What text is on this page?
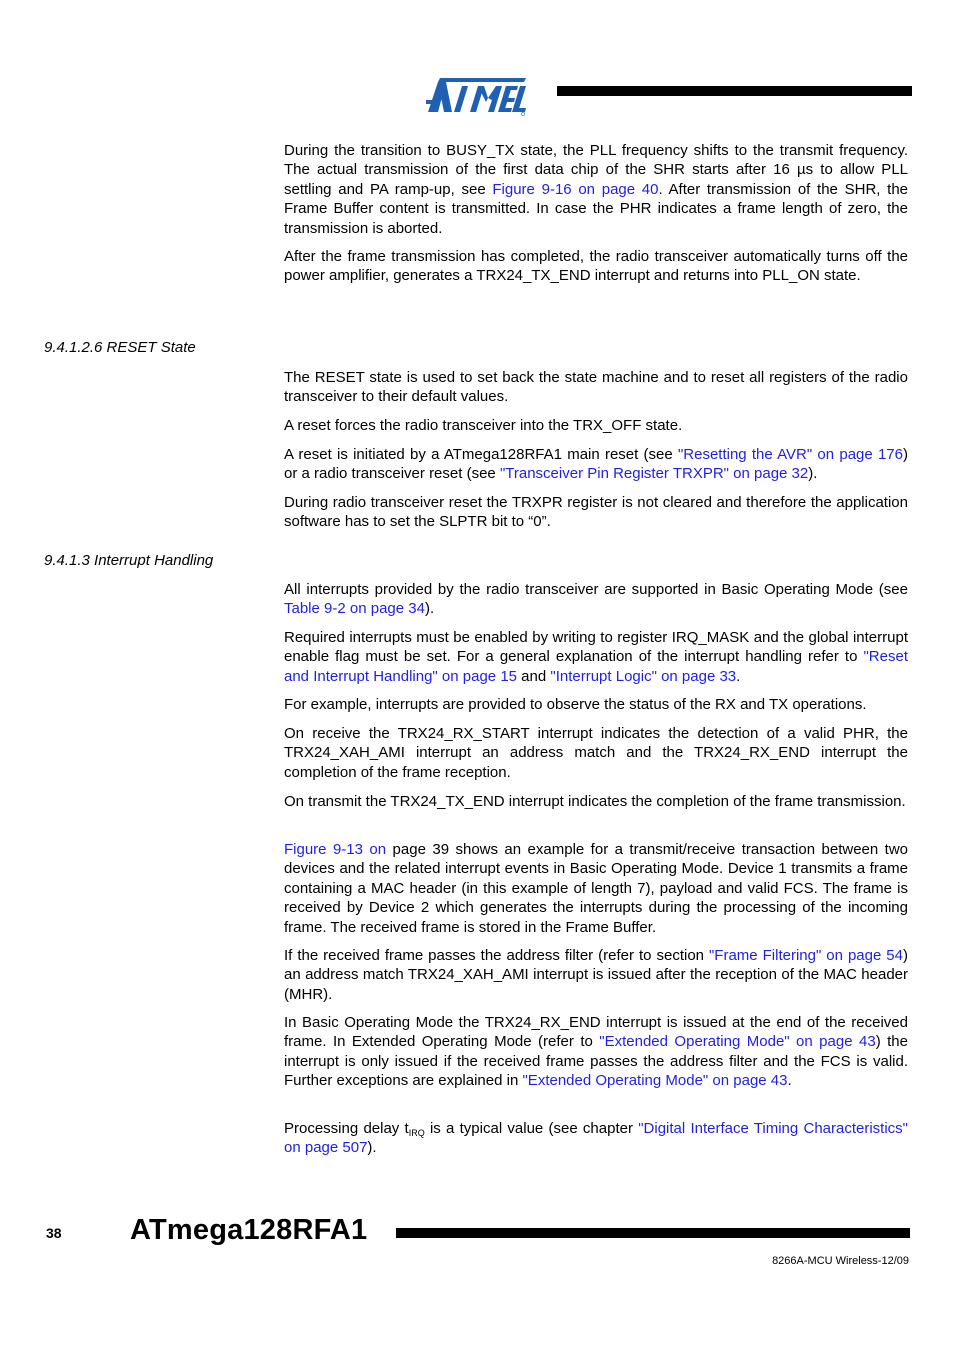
During the transition to BUSY_TX state, the PLL frequency shifts to the transmit frequency. The actual transmission of the first data chip of the SHR starts after 16 µs to allow PLL settling and PA ramp-up, see Figure 9-16 on page 40. After transmission of the SHR, the Frame Buffer content is transmitted. In case the PHR indicates a frame length of zero, the transmission is aborted.

After the frame transmission has completed, the radio transceiver automatically turns off the power amplifier, generates a TRX24_TX_END interrupt and returns into PLL_ON state.

9.4.1.2.6 RESET State

The RESET state is used to set back the state machine and to reset all registers of the radio transceiver to their default values.

A reset forces the radio transceiver into the TRX_OFF state.

A reset is initiated by a ATmega128RFA1 main reset (see "Resetting the AVR" on page 176) or a radio transceiver reset (see "Transceiver Pin Register TRXPR" on page 32).

During radio transceiver reset the TRXPR register is not cleared and therefore the application software has to set the SLPTR bit to “0”.

9.4.1.3 Interrupt Handling

All interrupts provided by the radio transceiver are supported in Basic Operating Mode (see Table 9-2 on page 34).

Required interrupts must be enabled by writing to register IRQ_MASK and the global interrupt enable flag must be set. For a general explanation of the interrupt handling refer to "Reset and Interrupt Handling" on page 15 and "Interrupt Logic" on page 33.

For example, interrupts are provided to observe the status of the RX and TX operations.

On receive the TRX24_RX_START interrupt indicates the detection of a valid PHR, the TRX24_XAH_AMI interrupt an address match and the TRX24_RX_END interrupt the completion of the frame reception.

On transmit the TRX24_TX_END interrupt indicates the completion of the frame transmission.

Figure 9-13 on page 39 shows an example for a transmit/receive transaction between two devices and the related interrupt events in Basic Operating Mode. Device 1 transmits a frame containing a MAC header (in this example of length 7), payload and valid FCS. The frame is received by Device 2 which generates the interrupts during the processing of the incoming frame. The received frame is stored in the Frame Buffer.

If the received frame passes the address filter (refer to section "Frame Filtering" on page 54) an address match TRX24_XAH_AMI interrupt is issued after the reception of the MAC header (MHR).

In Basic Operating Mode the TRX24_RX_END interrupt is issued at the end of the received frame. In Extended Operating Mode (refer to "Extended Operating Mode" on page 43) the interrupt is only issued if the received frame passes the address filter and the FCS is valid. Further exceptions are explained in "Extended Operating Mode" on page 43.

Processing delay $t_{IRQ}$ is a typical value (see chapter "Digital Interface Timing Characteristics" on page 507).

38 ATmega128RFA1
8266A-MCU Wireless-12/09
